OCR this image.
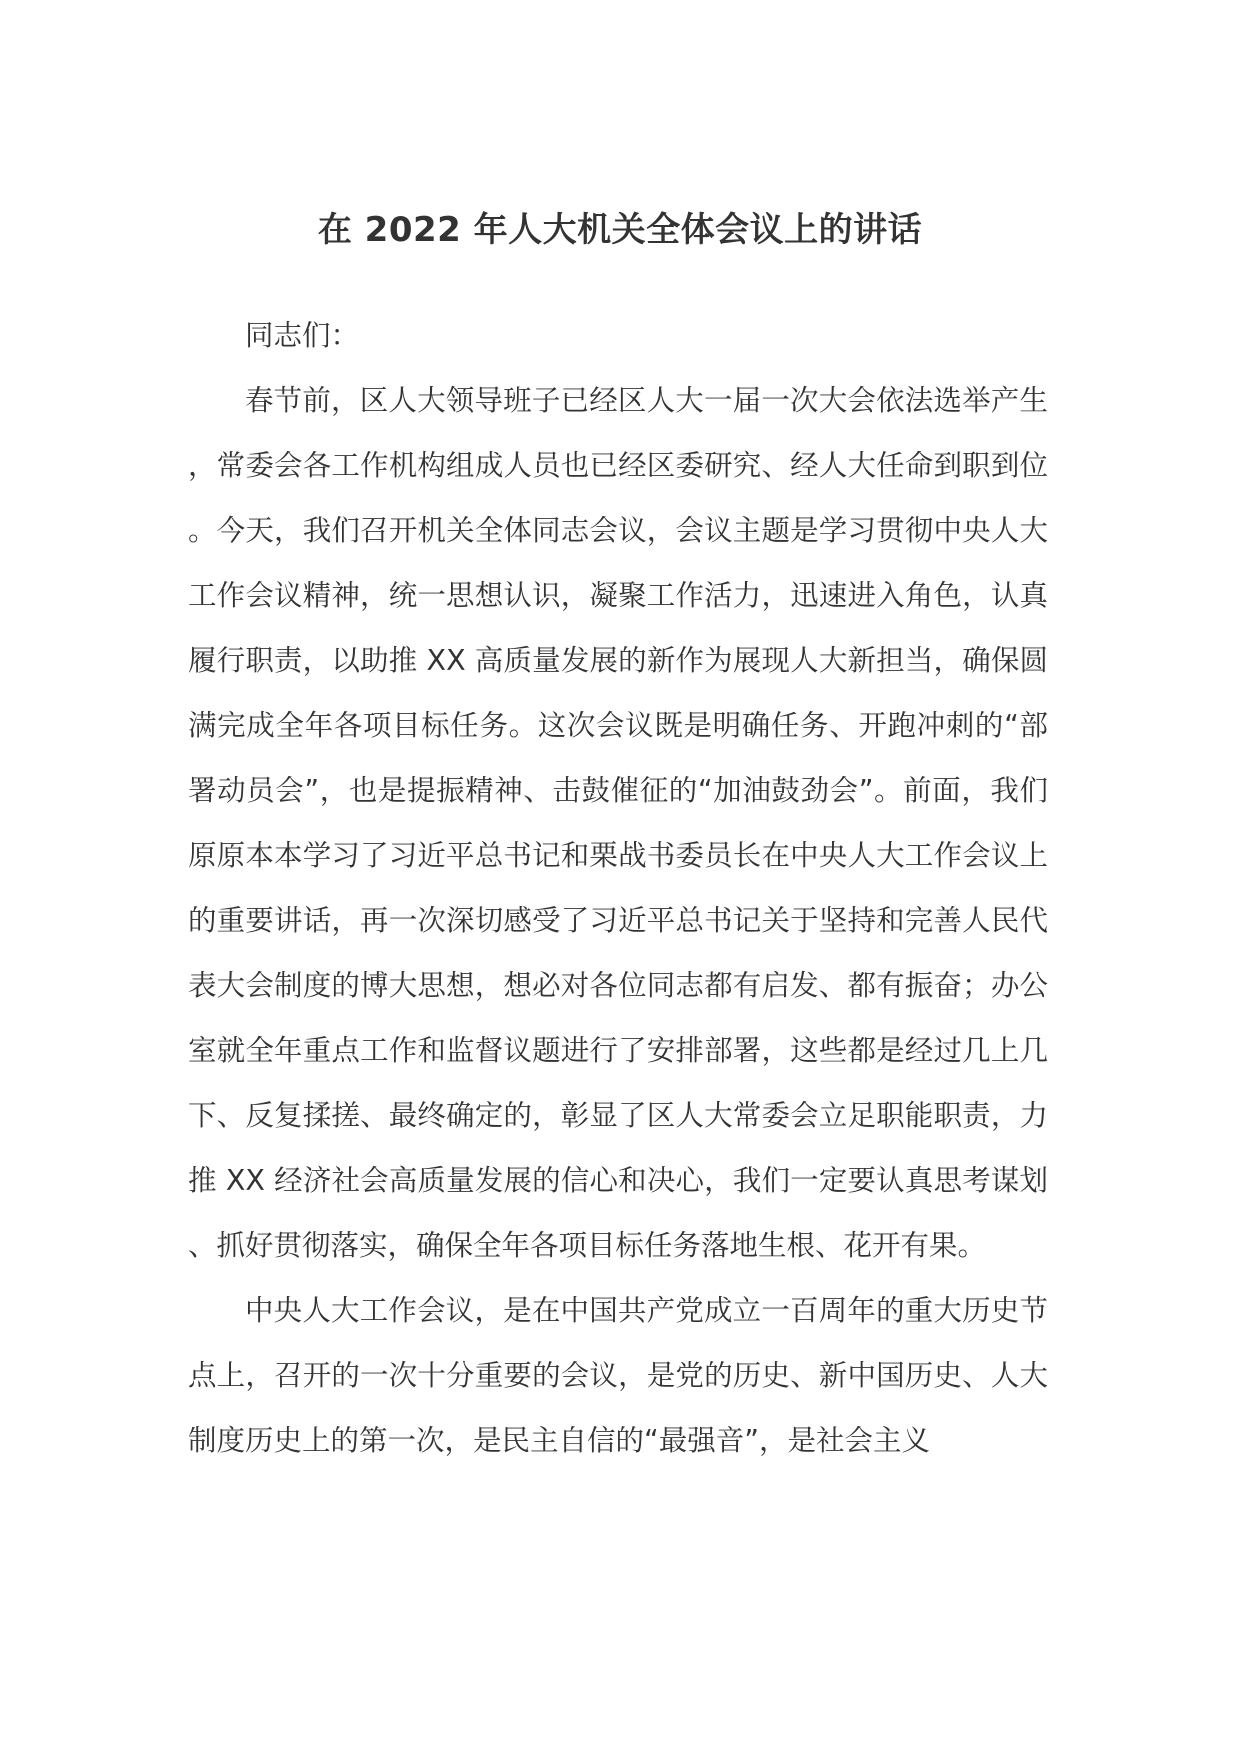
在 2022 年人大机关全体会议上的讲话

同志们：

春节前，区人大领导班子已经区人大一届一次大会依法选举产生，常委会各工作机构组成人员也已经区委研究、经人大任命到职到位。今天，我们召开机关全体同志会议，会议主题是学习贯彻中央人大工作会议精神，统一思想认识，凝聚工作活力，迅速进入角色，认真履行职责，以助推 XX 高质量发展的新作为展现人大新担当，确保圆满完成全年各项目标任务。这次会议既是明确任务、开跑冲刺的“部署动员会”，也是提振精神、击鼓催征的“加油鼓劲会”。前面，我们原原本本学习了习近平总书记和栗战书委员长在中央人大工作会议上的重要讲话，再一次深切感受了习近平总书记关于坚持和完善人民代表大会制度的博大思想，想必对各位同志都有启发、都有振奋；办公室就全年重点工作和监督议题进行了安排部署，这些都是经过几上几下、反复揉搓、最终确定的，彰显了区人大常委会立足职能职责，力推 XX 经济社会高质量发展的信心和决心，我们一定要认真思考谋划、抓好贯彻落实，确保全年各项目标任务落地生根、花开有果。

中央人大工作会议，是在中国共产党成立一百周年的重大历史节点上，召开的一次十分重要的会议，是党的历史、新中国历史、人大制度历史上的第一次，是民主自信的“最强音”，是社会主义
